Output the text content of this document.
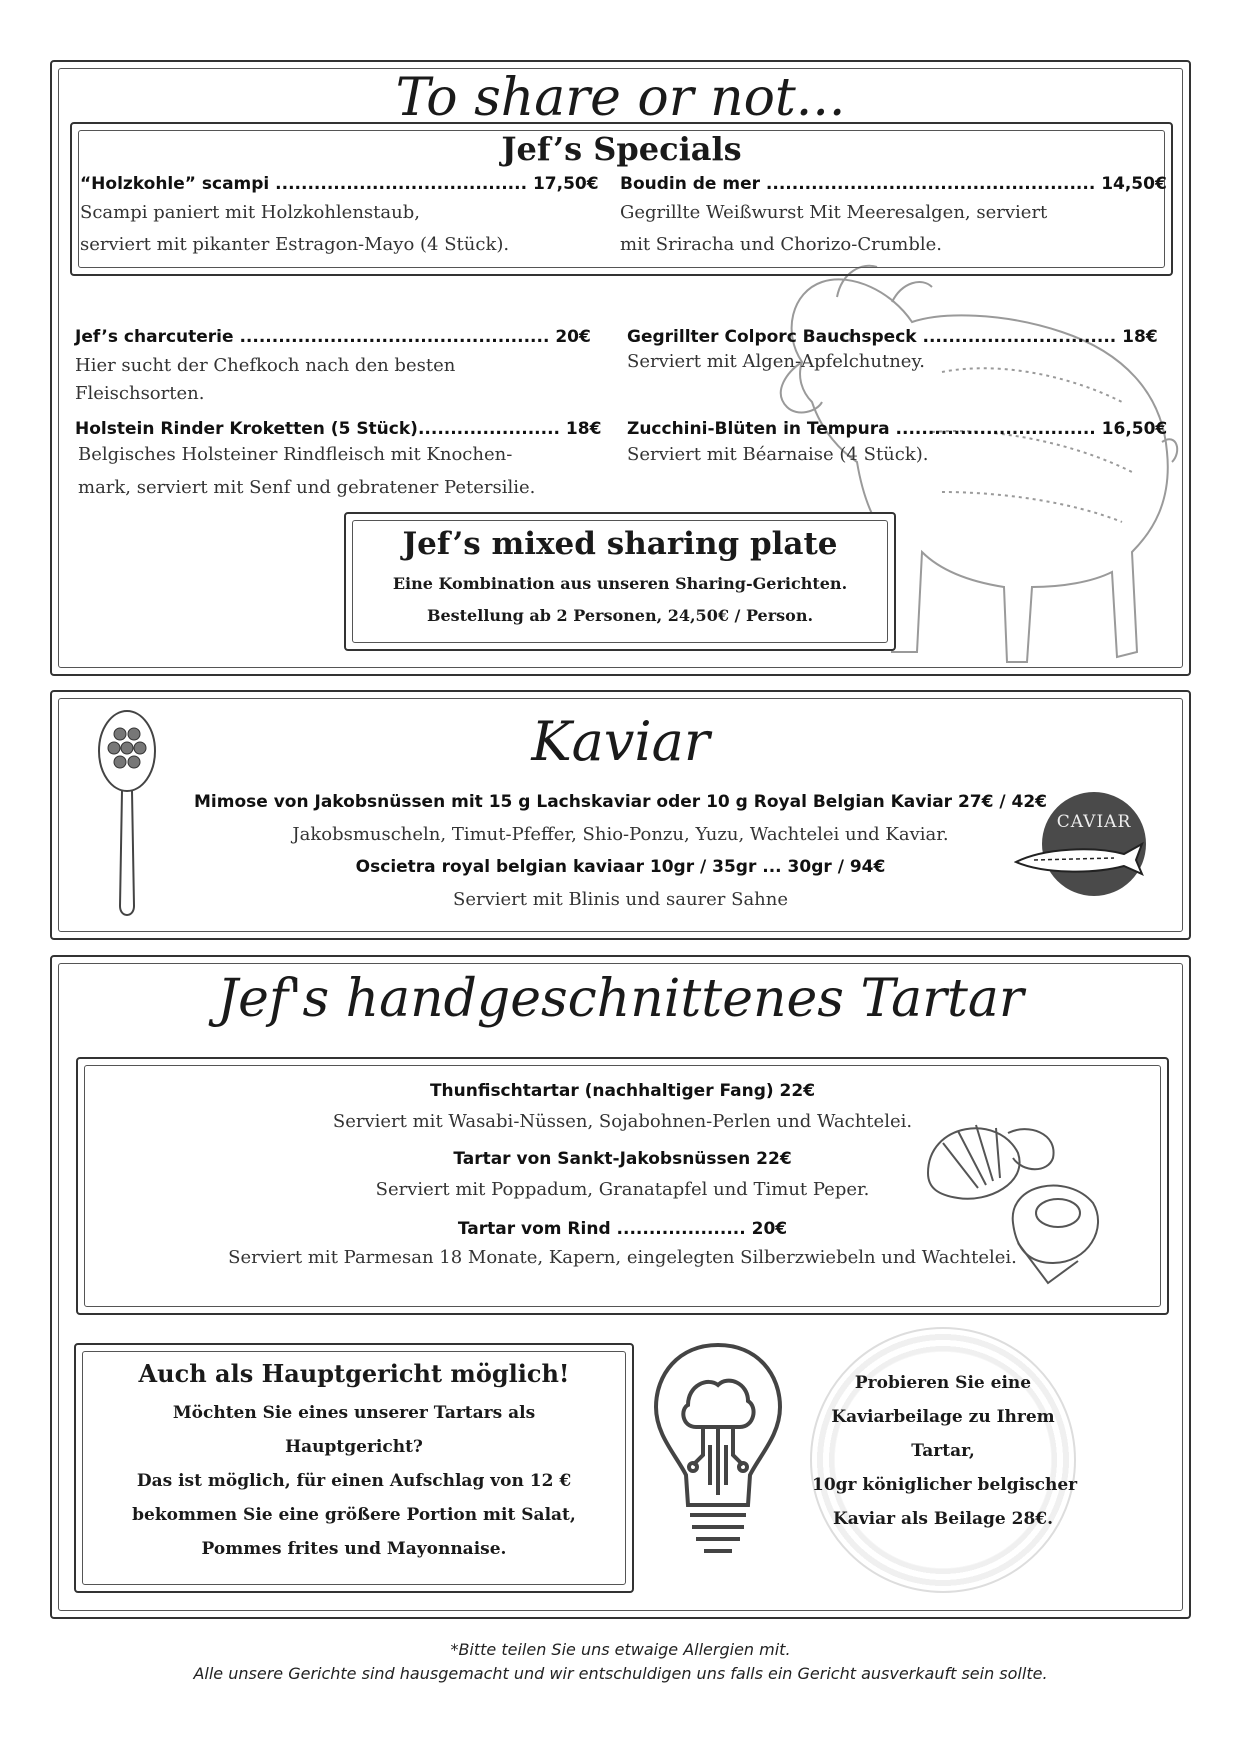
To share or not...
Jef’s Specials
“Holzkohle” scampi ....................................... 17,50€
Scampi paniert mit Holzkohlenstaub,
serviert mit pikanter Estragon-Mayo (4 Stück).
Boudin de mer ................................................... 14,50€
Gegrillte Weißwurst Mit Meeresalgen, serviert
mit Sriracha und Chorizo-Crumble.
Jef’s charcuterie ................................................ 20€
Hier sucht der Chefkoch nach den besten
Fleischsorten.
Gegrillter Colporc Bauchspeck .............................. 18€
Serviert mit Algen-Apfelchutney.
Holstein Rinder Kroketten (5 Stück)...................... 18€
Belgisches Holsteiner Rindfleisch mit Knochen-
mark, serviert mit Senf und gebratener Petersilie.
Zucchini-Blüten in Tempura ............................... 16,50€
Serviert mit Béarnaise (4 Stück).
Jef’s mixed sharing plate
Eine Kombination aus unseren Sharing-Gerichten.
Bestellung ab 2 Personen, 24,50€ / Person.
Kaviar
Mimose von Jakobsnüssen mit 15 g Lachskaviar oder 10 g Royal Belgian Kaviar 27€ / 42€
Jakobsmuscheln, Timut-Pfeffer, Shio-Ponzu, Yuzu, Wachtelei und Kaviar.
Oscietra royal belgian kaviaar 10gr / 35gr ... 30gr / 94€
Serviert mit Blinis und saurer Sahne
CAVIAR
Jef's handgeschnittenes Tartar
Thunfischtartar (nachhaltiger Fang) 22€
Serviert mit Wasabi-Nüssen, Sojabohnen-Perlen und Wachtelei.
Tartar von Sankt-Jakobsnüssen 22€
Serviert mit Poppadum, Granatapfel und Timut Peper.
Tartar vom Rind .................... 20€
Serviert mit Parmesan 18 Monate, Kapern, eingelegten Silberzwiebeln und Wachtelei.
Auch als Hauptgericht möglich!
Möchten Sie eines unserer Tartars als
Hauptgericht?
Das ist möglich, für einen Aufschlag von 12 €
bekommen Sie eine größere Portion mit Salat,
Pommes frites und Mayonnaise.
Probieren Sie eine
Kaviarbeilage zu Ihrem
Tartar,
10gr königlicher belgischer
Kaviar als Beilage 28€.
*Bitte teilen Sie uns etwaige Allergien mit.
Alle unsere Gerichte sind hausgemacht und wir entschuldigen uns falls ein Gericht ausverkauft sein sollte.
